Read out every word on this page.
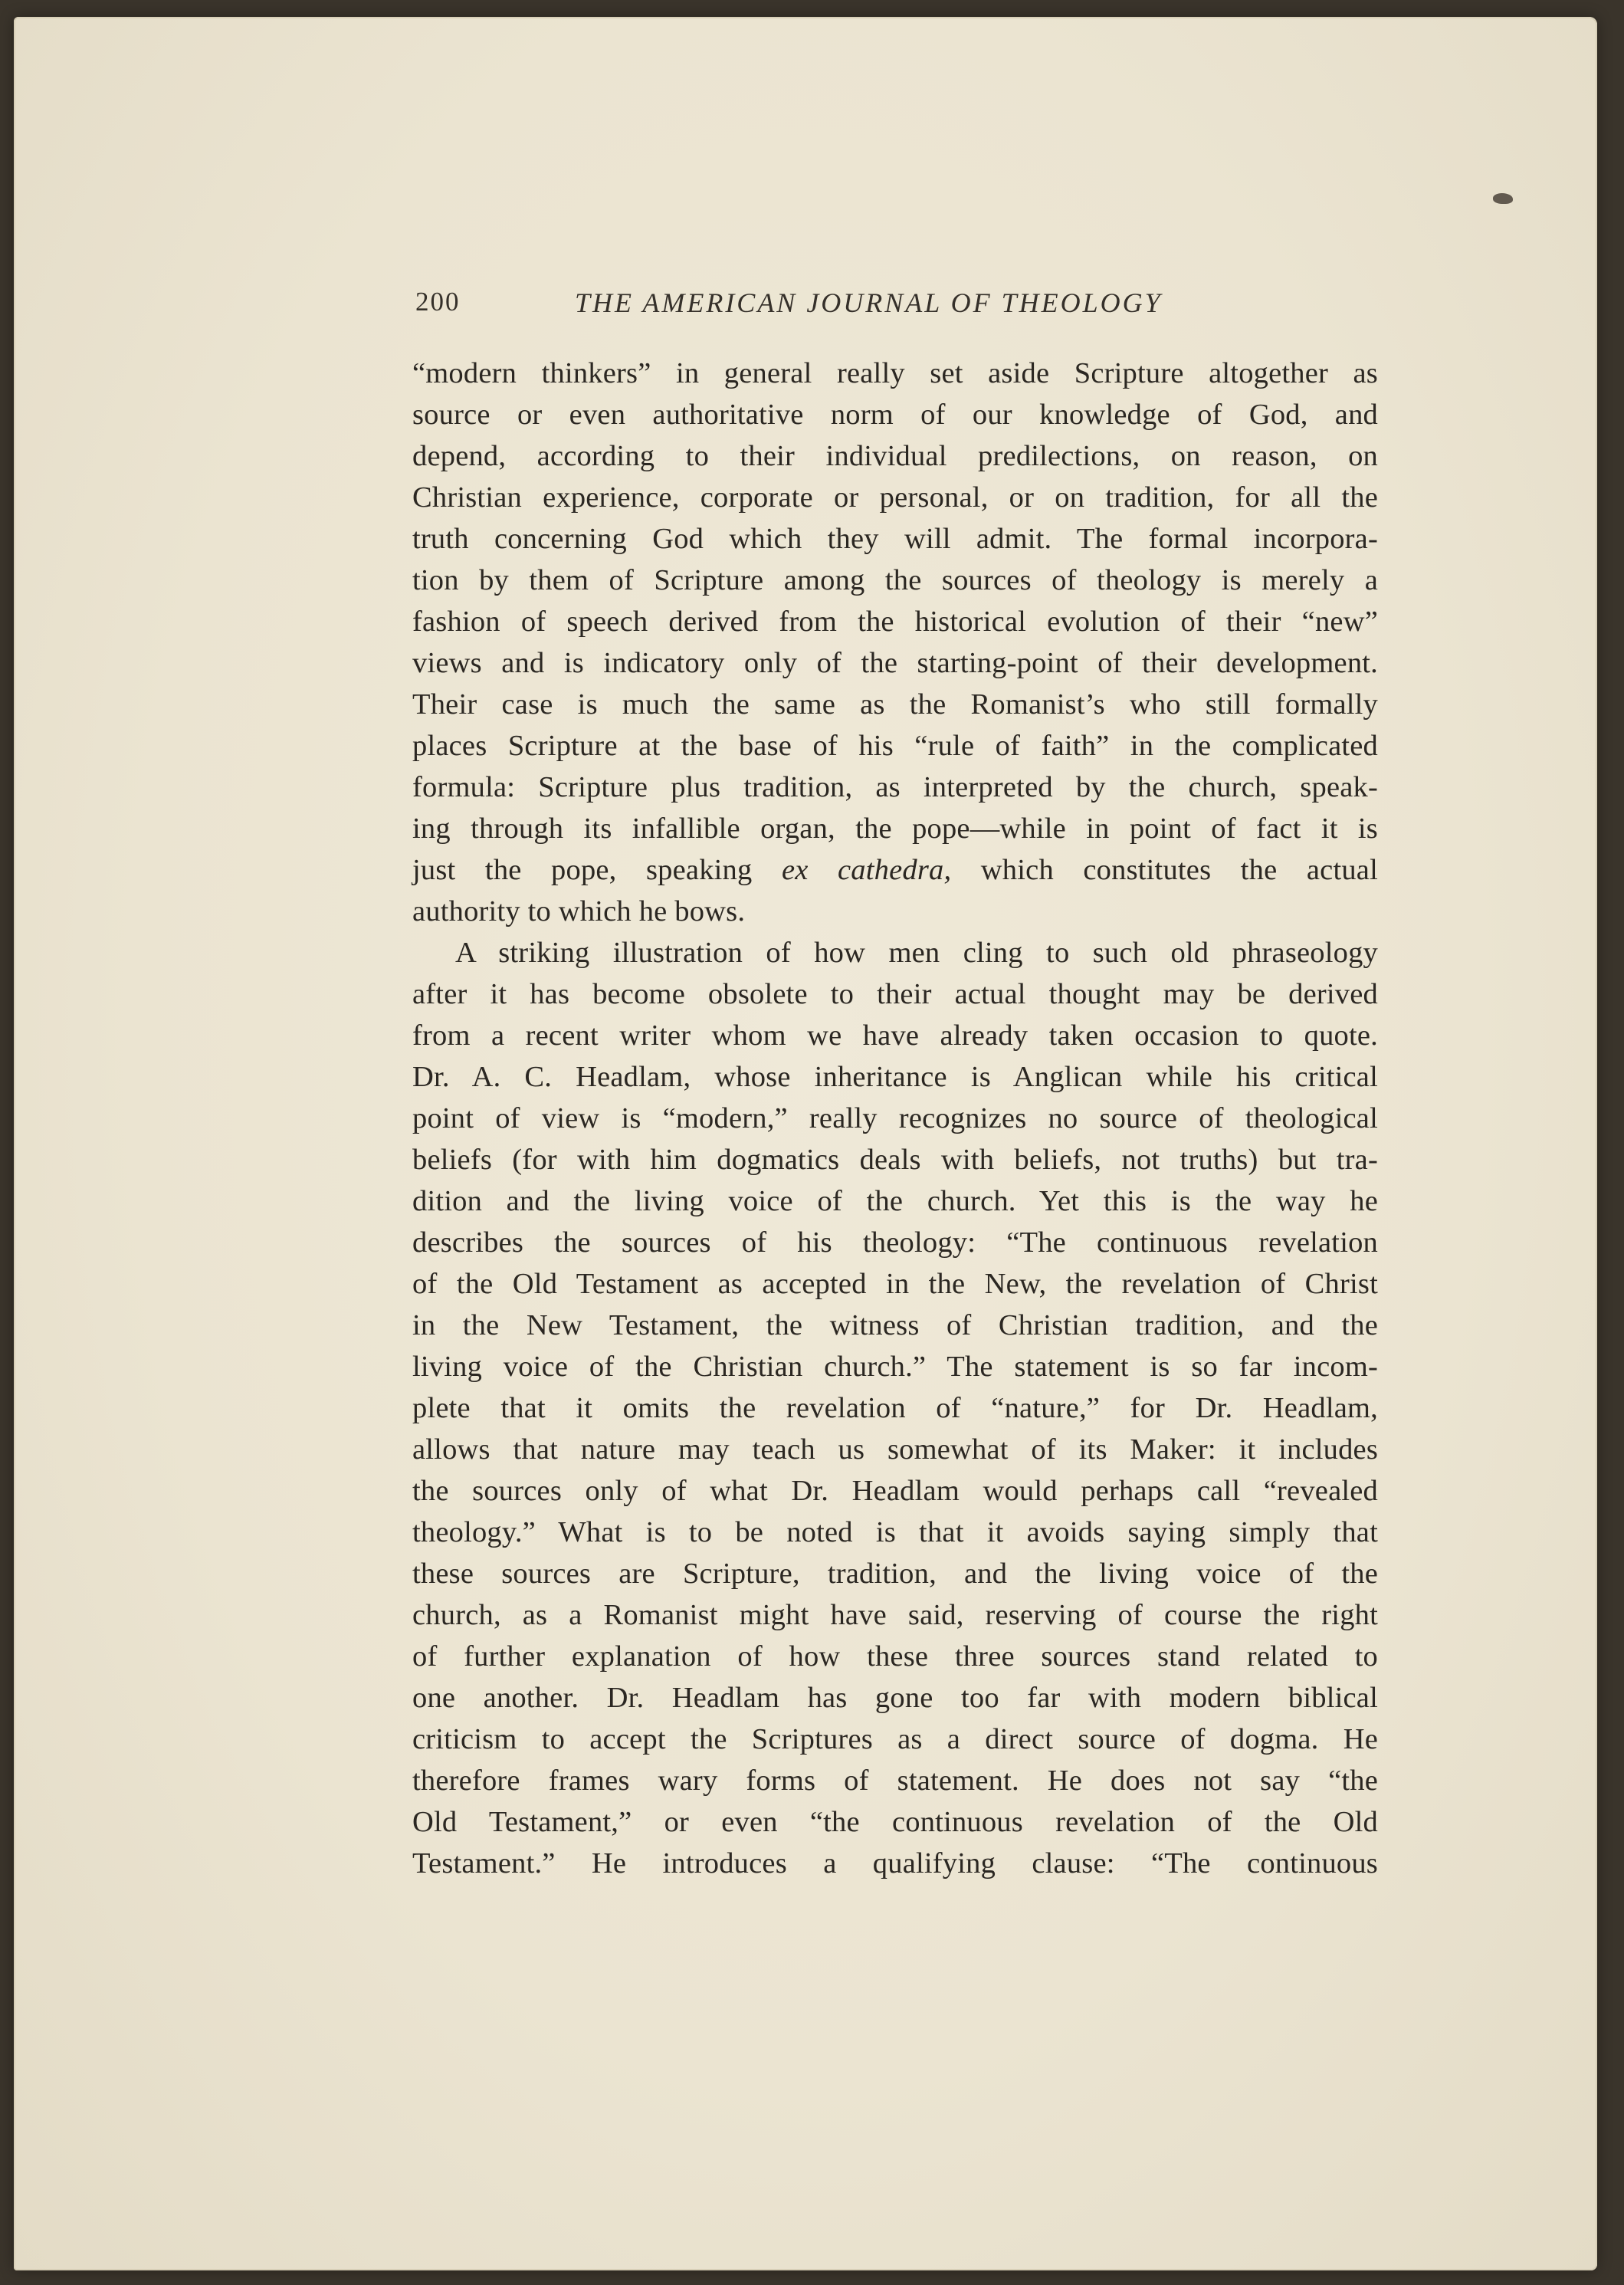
200	THE AMERICAN JOURNAL OF THEOLOGY
“modern thinkers” in general really set aside Scripture altogether as
source or even authoritative norm of our knowledge of God, and
depend, according to their individual predilections, on reason, on
Christian experience, corporate or personal, or on tradition, for all the
truth concerning God which they will admit. The formal incorpora-
tion by them of Scripture among the sources of theology is merely a
fashion of speech derived from the historical evolution of their “new”
views and is indicatory only of the starting-point of their development.
Their case is much the same as the Romanist’s who still formally
places Scripture at the base of his “rule of faith” in the complicated
formula: Scripture plus tradition, as interpreted by the church, speak-
ing through its infallible organ, the pope—while in point of fact it is
just the pope, speaking ex cathedra, which constitutes the actual
authority to which he bows.
A striking illustration of how men cling to such old phraseology
after it has become obsolete to their actual thought may be derived
from a recent writer whom we have already taken occasion to quote.
Dr. A. C. Headlam, whose inheritance is Anglican while his critical
point of view is “modern,” really recognizes no source of theological
beliefs (for with him dogmatics deals with beliefs, not truths) but tra-
dition and the living voice of the church. Yet this is the way he
describes the sources of his theology: “The continuous revelation
of the Old Testament as accepted in the New, the revelation of Christ
in the New Testament, the witness of Christian tradition, and the
living voice of the Christian church.” The statement is so far incom-
plete that it omits the revelation of “nature,” for Dr. Headlam,
allows that nature may teach us somewhat of its Maker: it includes
the sources only of what Dr. Headlam would perhaps call “revealed
theology.” What is to be noted is that it avoids saying simply that
these sources are Scripture, tradition, and the living voice of the
church, as a Romanist might have said, reserving of course the right
of further explanation of how these three sources stand related to
one another. Dr. Headlam has gone too far with modern biblical
criticism to accept the Scriptures as a direct source of dogma. He
therefore frames wary forms of statement. He does not say “the
Old Testament,” or even “the continuous revelation of the Old
Testament.” He introduces a qualifying clause: “The continuous
